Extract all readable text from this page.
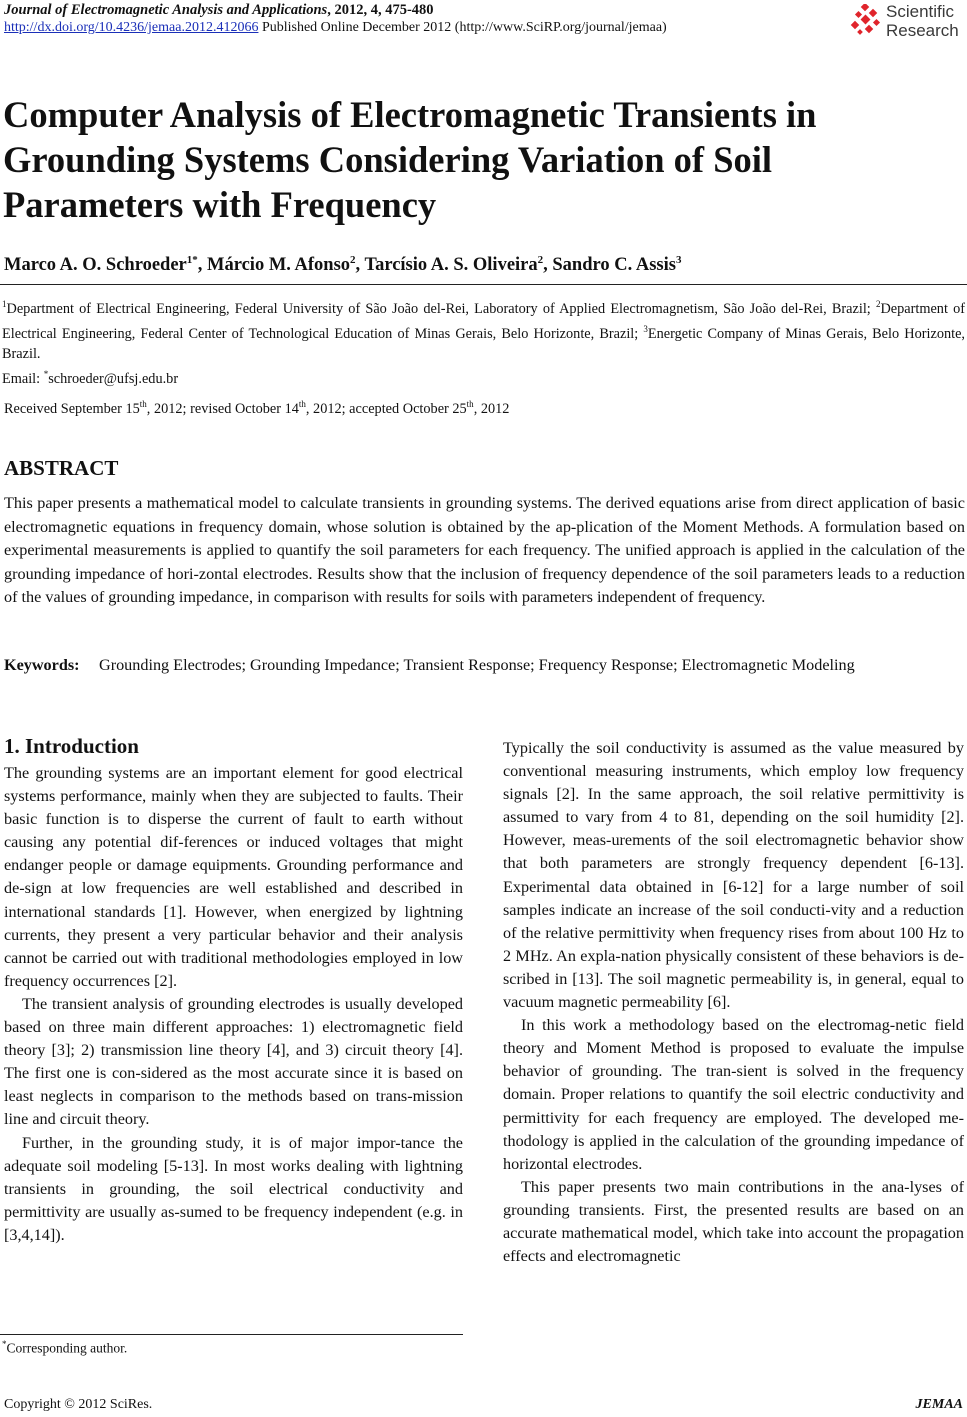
Journal of Electromagnetic Analysis and Applications, 2012, 4, 475-480
http://dx.doi.org/10.4236/jemaa.2012.412066 Published Online December 2012 (http://www.SciRP.org/journal/jemaa)
Scientific
Research
Computer Analysis of Electromagnetic Transients in Grounding Systems Considering Variation of Soil Parameters with Frequency
Marco A. O. Schroeder$^{1*}$, Márcio M. Afonso$^2$, Tarcísio A. S. Oliveira$^2$, Sandro C. Assis$^3$
$^1$Department of Electrical Engineering, Federal University of São João del-Rei, Laboratory of Applied Electromagnetism, São João del-Rei, Brazil; $^2$Department of Electrical Engineering, Federal Center of Technological Education of Minas Gerais, Belo Horizonte, Brazil; $^3$Energetic Company of Minas Gerais, Belo Horizonte, Brazil.
Email: *schroeder@ufsj.edu.br
Received September 15th, 2012; revised October 14th, 2012; accepted October 25th, 2012
ABSTRACT
This paper presents a mathematical model to calculate transients in grounding systems. The derived equations arise from direct application of basic electromagnetic equations in frequency domain, whose solution is obtained by the ap-plication of the Moment Methods. A formulation based on experimental measurements is applied to quantify the soil parameters for each frequency. The unified approach is applied in the calculation of the grounding impedance of hori-zontal electrodes. Results show that the inclusion of frequency dependence of the soil parameters leads to a reduction of the values of grounding impedance, in comparison with results for soils with parameters independent of frequency.
Keywords: Grounding Electrodes; Grounding Impedance; Transient Response; Frequency Response; Electromagnetic Modeling
1. Introduction

The grounding systems are an important element for good electrical systems performance, mainly when they are subjected to faults. Their basic function is to disperse the current of fault to earth without causing any potential dif-ferences or induced voltages that might endanger people or damage equipments. Grounding performance and de-sign at low frequencies are well established and described in international standards [1]. However, when energized by lightning currents, they present a very particular behavior and their analysis cannot be carried out with traditional methodologies employed in low frequency occurrences [2].

The transient analysis of grounding electrodes is usually developed based on three main different approaches: 1) electromagnetic field theory [3]; 2) transmission line theory [4], and 3) circuit theory [4]. The first one is con-sidered as the most accurate since it is based on least neglects in comparison to the methods based on trans-mission line and circuit theory.

Further, in the grounding study, it is of major impor-tance the adequate soil modeling [5-13]. In most works dealing with lightning transients in grounding, the soil electrical conductivity and permittivity are usually as-sumed to be frequency independent (e.g. in [3,4,14]).

Typically the soil conductivity is assumed as the value measured by conventional measuring instruments, which employ low frequency signals [2]. In the same approach, the soil relative permittivity is assumed to vary from 4 to 81, depending on the soil humidity [2]. However, meas-urements of the soil electromagnetic behavior show that both parameters are strongly frequency dependent [6-13]. Experimental data obtained in [6-12] for a large number of soil samples indicate an increase of the soil conducti-vity and a reduction of the relative permittivity when frequency rises from about 100 Hz to 2 MHz. An expla-nation physically consistent of these behaviors is de-scribed in [13]. The soil magnetic permeability is, in general, equal to vacuum magnetic permeability [6].

In this work a methodology based on the electromag-netic field theory and Moment Method is proposed to evaluate the impulse behavior of grounding. The tran-sient is solved in the frequency domain. Proper relations to quantify the soil electric conductivity and permittivity for each frequency are employed. The developed me-thodology is applied in the calculation of the grounding impedance of horizontal electrodes.

This paper presents two main contributions in the ana-lyses of grounding transients. First, the presented results are based on an accurate mathematical model, which take into account the propagation effects and electromagnetic

*Corresponding author.
Copyright © 2012 SciRes.	JEMAA
